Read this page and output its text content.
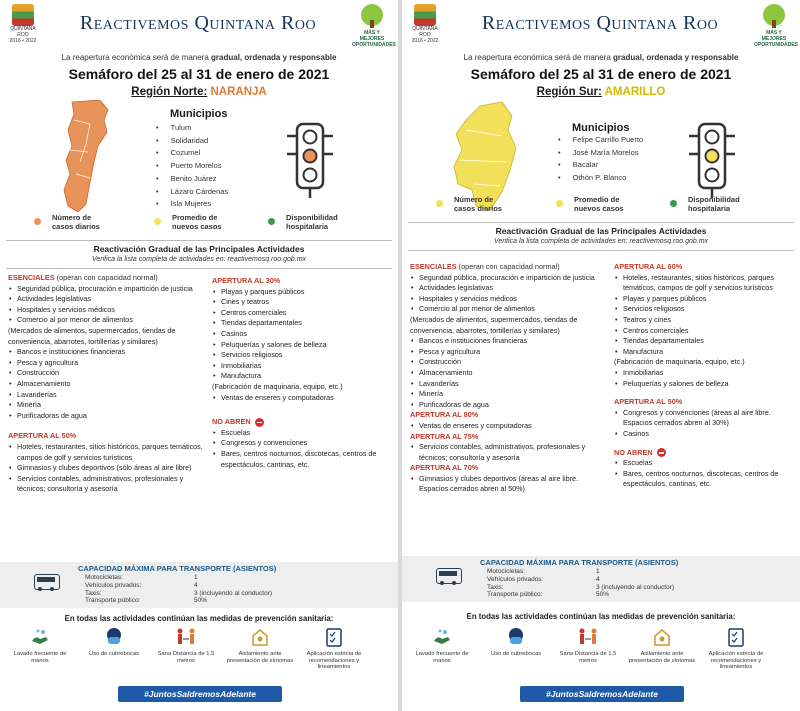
QUINTANA ROO
2016 • 2022
Reactivemos Quintana Roo	MÁS Y MEJORES OPORTUNIDADES
La reapertura económica será de manera gradual, ordenada y responsable
Semáforo del 25 al 31 de enero de 2021
Región Norte: NARANJA
Municipios
• Tulum
• Solidaridad
• Cozumel
• Puerto Morelos
• Benito Juárez
• Lázaro Cárdenas
• Isla Mujeres
Número de casos diarios
Promedio de nuevos casos
Disponibilidad hospitalaria
Reactivación Gradual de las Principales Actividades
Verifica la lista completa de actividades en: reactivemosq.roo.gob.mx
ESENCIALES (operan con capacidad normal)
• Seguridad pública, procuración e impartición de justicia
• Actividades legislativas
• Hospitales y servicios médicos
• Comercio al por menor de alimentos
(Mercados de alimentos, supermercados, tiendas de conveniencia, abarrotes, tortillerías y similares)
• Bancos e instituciones financieras
• Pesca y agricultura
• Construcción
• Almacenamiento
• Lavanderías
• Minería
• Purificadoras de agua
APERTURA AL 50%
• Hoteles, restaurantes, sitios históricos, parques temáticos, campos de golf y servicios turísticos
• Gimnasios y clubes deportivos (sólo áreas al aire libre)
• Servicios contables, administrativos, profesionales y técnicos; consultoría y asesoría
APERTURA AL 30%
• Playas y parques públicos
• Cines y teatros
• Centros comerciales
• Tiendas departamentales
• Casinos
• Peluquerías y salones de belleza
• Servicios religiosos
• Inmobiliarias
• Manufactura
(Fabricación de maquinaria, equipo, etc.)
• Ventas de enseres y computadoras
NO ABREN
• Escuelas
• Congresos y convenciones
• Bares, centros nocturnos, discotecas, centros de espectáculos, cantinas, etc.
CAPACIDAD MÁXIMA PARA TRANSPORTE (ASIENTOS)
Motocicletas:	1
Vehículos privados:	4
Taxis:	3 (incluyendo al conductor)
Transporte público:	50%
En todas las actividades continúan las medidas de prevención sanitaria:
Lavado frecuente de manos
Uso de cubrebocas	Sana Distancia de 1.5 metros
Aislamiento ante presentación de síntomas
Aplicación estricta de recomendaciones y lineamientos
#JuntosSaldremosAdelante
QUINTANA ROO
2016 • 2022
Reactivemos Quintana Roo	MÁS Y MEJORES OPORTUNIDADES
La reapertura económica será de manera gradual, ordenada y responsable
Semáforo del 25 al 31 de enero de 2021
Región Sur: AMARILLO
Municipios
• Felipe Carrillo Puerto
• José María Morelos
• Bacalar
• Othón P. Blanco
Número de casos diarios
Promedio de nuevos casos
Disponibilidad hospitalaria
Reactivación Gradual de las Principales Actividades
Verifica la lista completa de actividades en: reactivemosq.roo.gob.mx
ESENCIALES (operan con capacidad normal)
• Seguridad pública, procuración e impartición de justicia
• Actividades legislativas
• Hospitales y servicios médicos
• Comercio al por menor de alimentos
(Mercados de alimentos, supermercados, tiendas de conveniencia, abarrotes, tortillerías y similares)
• Bancos e instituciones financieras
• Pesca y agricultura
• Construcción
• Almacenamiento
• Lavanderías
• Minería
• Purificadoras de agua
APERTURA AL 80%
• Ventas de enseres y computadoras
APERTURA AL 75%
• Servicios contables, administrativos, profesionales y técnicos; consultoría y asesoría
APERTURA AL 70%
• Gimnasios y clubes deportivos (áreas al aire libre. Espacios cerrados abren al 50%)
APERTURA AL 60%
• Hoteles, restaurantes, sitios históricos, parques temáticos, campos de golf y servicios turísticos
• Playas y parques públicos
• Servicios religiosos
• Teatros y cines
• Centros comerciales
• Tiendas departamentales
• Manufactura
(Fabricación de maquinaria, equipo, etc.)
• Inmobiliarias
• Peluquerías y salones de belleza
APERTURA AL 50%
• Congresos y convenciones (áreas al aire libre. Espacios cerrados abren al 30%)
• Casinos
NO ABREN
• Escuelas
• Bares, centros nocturnos, discotecas, centros de espectáculos, cantinas, etc.
CAPACIDAD MÁXIMA PARA TRANSPORTE (ASIENTOS)
Motocicletas:	1
Vehículos privados:	4
Taxis:	3 (incluyendo al conductor)
Transporte público:	50%
En todas las actividades continúan las medidas de prevención sanitaria:
Lavado frecuente de manos
Uso de cubrebocas	Sana Distancia de 1.5 metros
Aislamiento ante presentación de síntomas
Aplicación estricta de recomendaciones y lineamientos
#JuntosSaldremosAdelante
